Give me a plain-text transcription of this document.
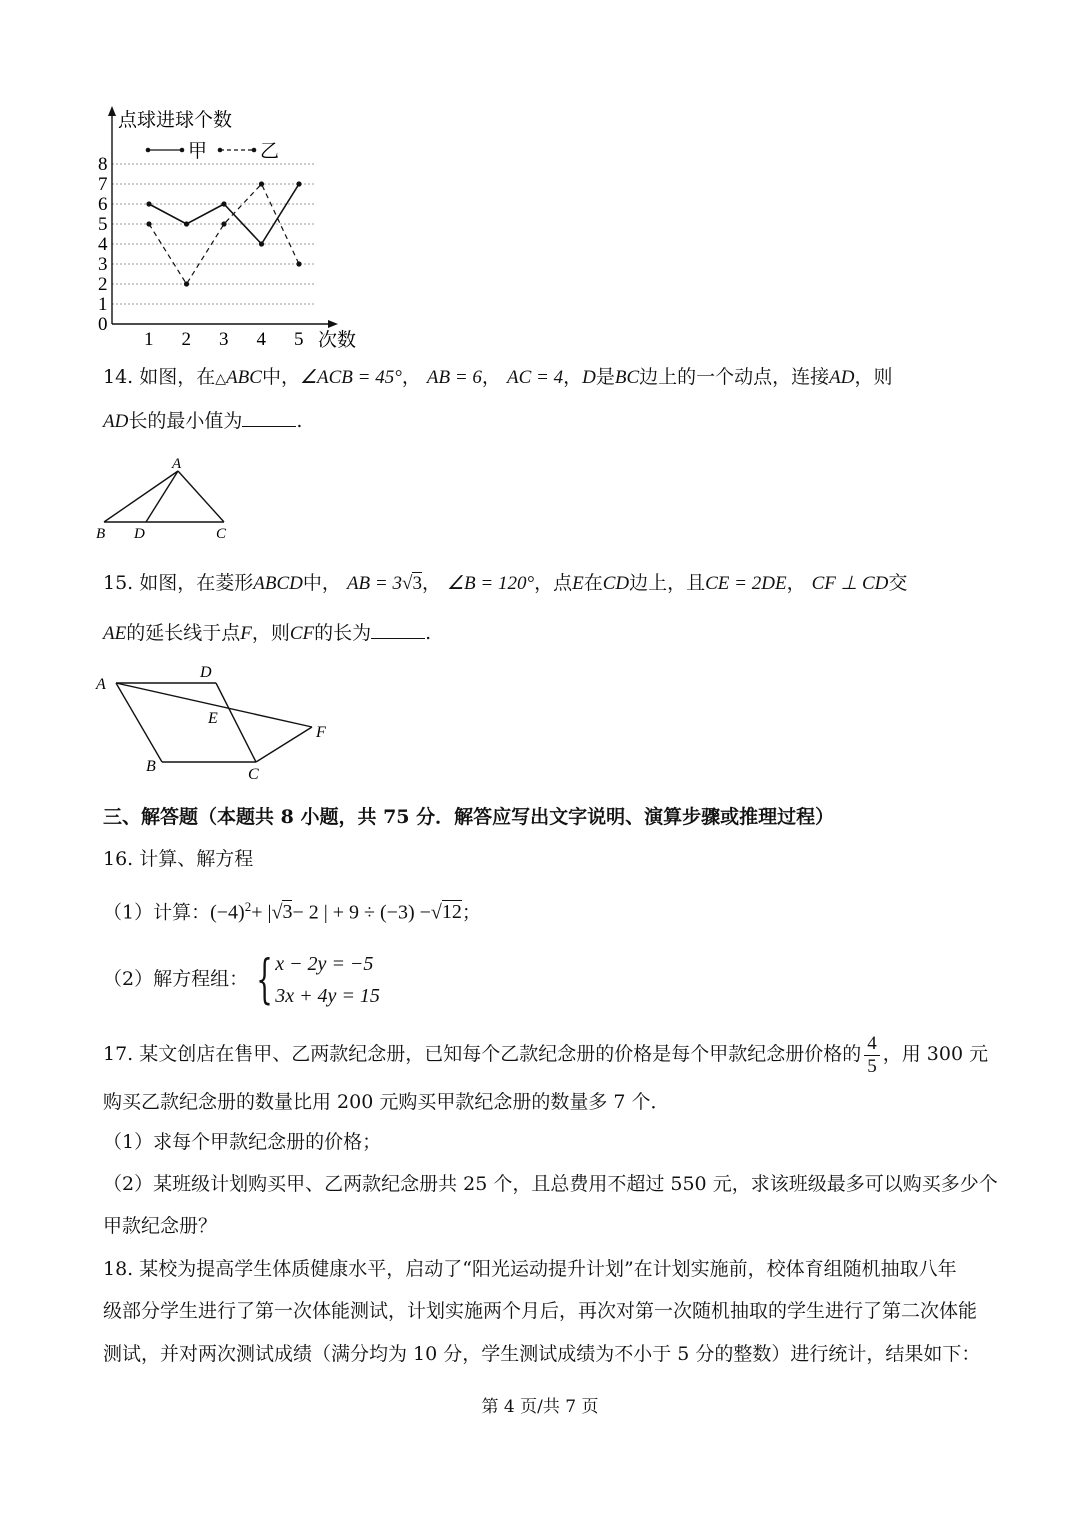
0
1
2
3
4
5
6
7
8
1 2 3 4 5
点球进球个数
次数
甲	乙
14. 如图，在△ABC中，∠ACB = 45°， AB = 6， AC = 4，D是BC边上的一个动点，连接AD，则
AD长的最小值为	.
A
B D	C
15. 如图，在菱形ABCD中， AB = 3√3， ∠B = 120°，点E在CD边上，且CE = 2DE， CF ⊥ CD交
AE的延长线于点F，则CF的长为	.
A
D
E
F
B	C
三、解答题（本题共 8 小题，共 75 分．解答应写出文字说明、演算步骤或推理过程）
16. 计算、解方程
（1）计算：$(-4)^2+ |√3- 2$ | + 9 ÷ (−3) −√12；
（2）解方程组： { x − 2y = −5
3x + 4y = 15
17. 某文创店在售甲、乙两款纪念册，已知每个乙款纪念册的价格是每个甲款纪念册价格的 $\frac{4}{5}$ ，用 300 元
购买乙款纪念册的数量比用 200 元购买甲款纪念册的数量多 7 个．
（1）求每个甲款纪念册的价格；
（2）某班级计划购买甲、乙两款纪念册共 25 个，且总费用不超过 550 元，求该班级最多可以购买多少个
甲款纪念册？
18. 某校为提高学生体质健康水平，启动了“阳光运动提升计划”在计划实施前，校体育组随机抽取八年
级部分学生进行了第一次体能测试，计划实施两个月后，再次对第一次随机抽取的学生进行了第二次体能
测试，并对两次测试成绩（满分均为 10 分，学生测试成绩为不小于 5 分的整数）进行统计，结果如下：
第 4 页/共 7 页
